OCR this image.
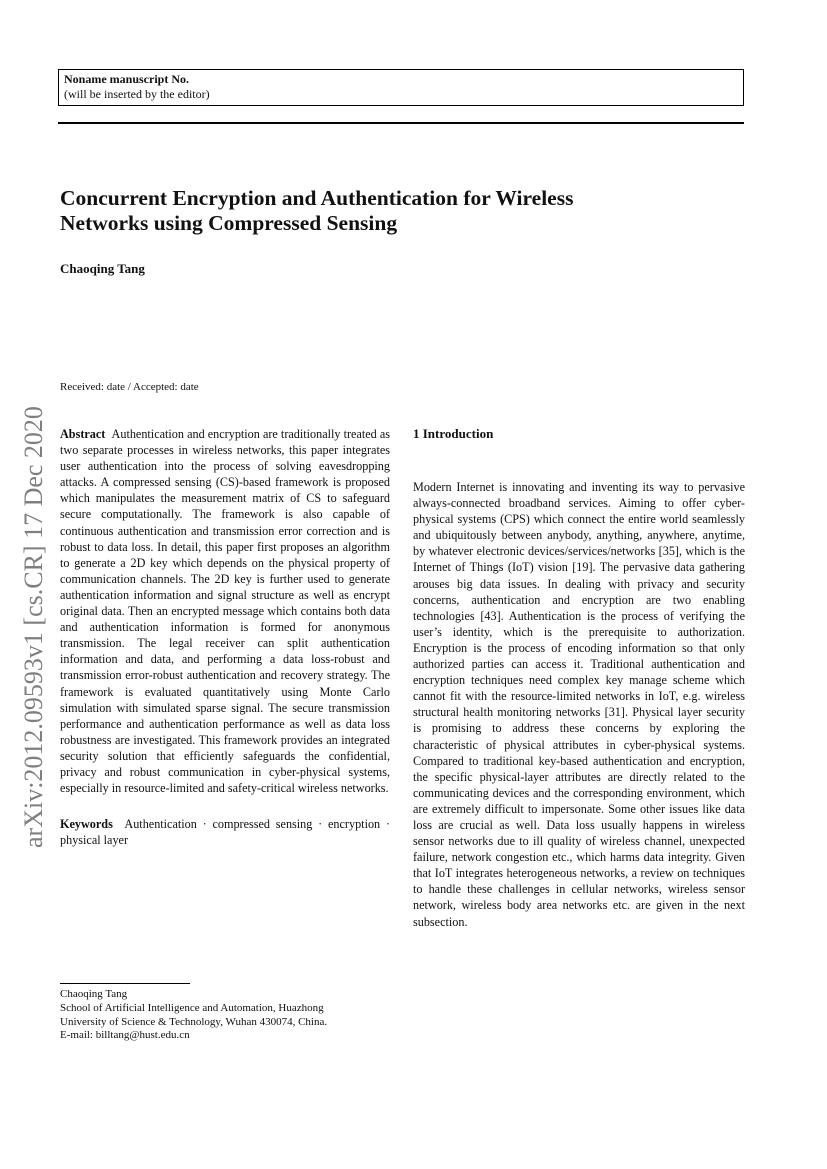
Noname manuscript No.
(will be inserted by the editor)
Concurrent Encryption and Authentication for Wireless
Networks using Compressed Sensing
Chaoqing Tang
arXiv:2012.09593v1 [cs.CR] 17 Dec 2020
Received: date / Accepted: date

Abstract Authentication and encryption are traditionally treated as two separate processes in wireless networks, this paper integrates user authentication into the process of solving eavesdropping attacks. A compressed sensing (CS)-based framework is proposed which manipulates the measurement matrix of CS to safeguard secure computationally. The framework is also capable of continuous authentication and transmission error correction and is robust to data loss. In detail, this paper first proposes an algorithm to generate a 2D key which depends on the physical property of communication channels. The 2D key is further used to generate authentication information and signal structure as well as encrypt original data. Then an encrypted message which contains both data and authentication information is formed for anonymous transmission. The legal receiver can split authentication information and data, and performing a data loss-robust and transmission error-robust authentication and recovery strategy. The framework is evaluated quantitatively using Monte Carlo simulation with simulated sparse signal. The secure transmission performance and authentication performance as well as data loss robustness are investigated. This framework provides an integrated security solution that efficiently safeguards the confidential, privacy and robust communication in cyber-physical systems, especially in resource-limited and safety-critical wireless networks.

Keywords Authentication · compressed sensing · encryption · physical layer

Chaoqing Tang
School of Artificial Intelligence and Automation, Huazhong
University of Science & Technology, Wuhan 430074, China.
E-mail: billtang@hust.edu.cn
1 Introduction
Modern Internet is innovating and inventing its way to pervasive always-connected broadband services. Aiming to offer cyber-physical systems (CPS) which connect the entire world seamlessly and ubiquitously between anybody, anything, anywhere, anytime, by whatever electronic devices/services/networks [35], which is the Internet of Things (IoT) vision [19]. The pervasive data gathering arouses big data issues. In dealing with privacy and security concerns, authentication and encryption are two enabling technologies [43]. Authentication is the process of verifying the user’s identity, which is the prerequisite to authorization. Encryption is the process of encoding information so that only authorized parties can access it. Traditional authentication and encryption techniques need complex key manage scheme which cannot fit with the resource-limited networks in IoT, e.g. wireless structural health monitoring networks [31]. Physical layer security is promising to address these concerns by exploring the characteristic of physical attributes in cyber-physical systems. Compared to traditional key-based authentication and encryption, the specific physical-layer attributes are directly related to the communicating devices and the corresponding environment, which are extremely difficult to impersonate. Some other issues like data loss are crucial as well. Data loss usually happens in wireless sensor networks due to ill quality of wireless channel, unexpected failure, network congestion etc., which harms data integrity. Given that IoT integrates heterogeneous networks, a review on techniques to handle these challenges in cellular networks, wireless sensor network, wireless body area networks etc. are given in the next subsection.
